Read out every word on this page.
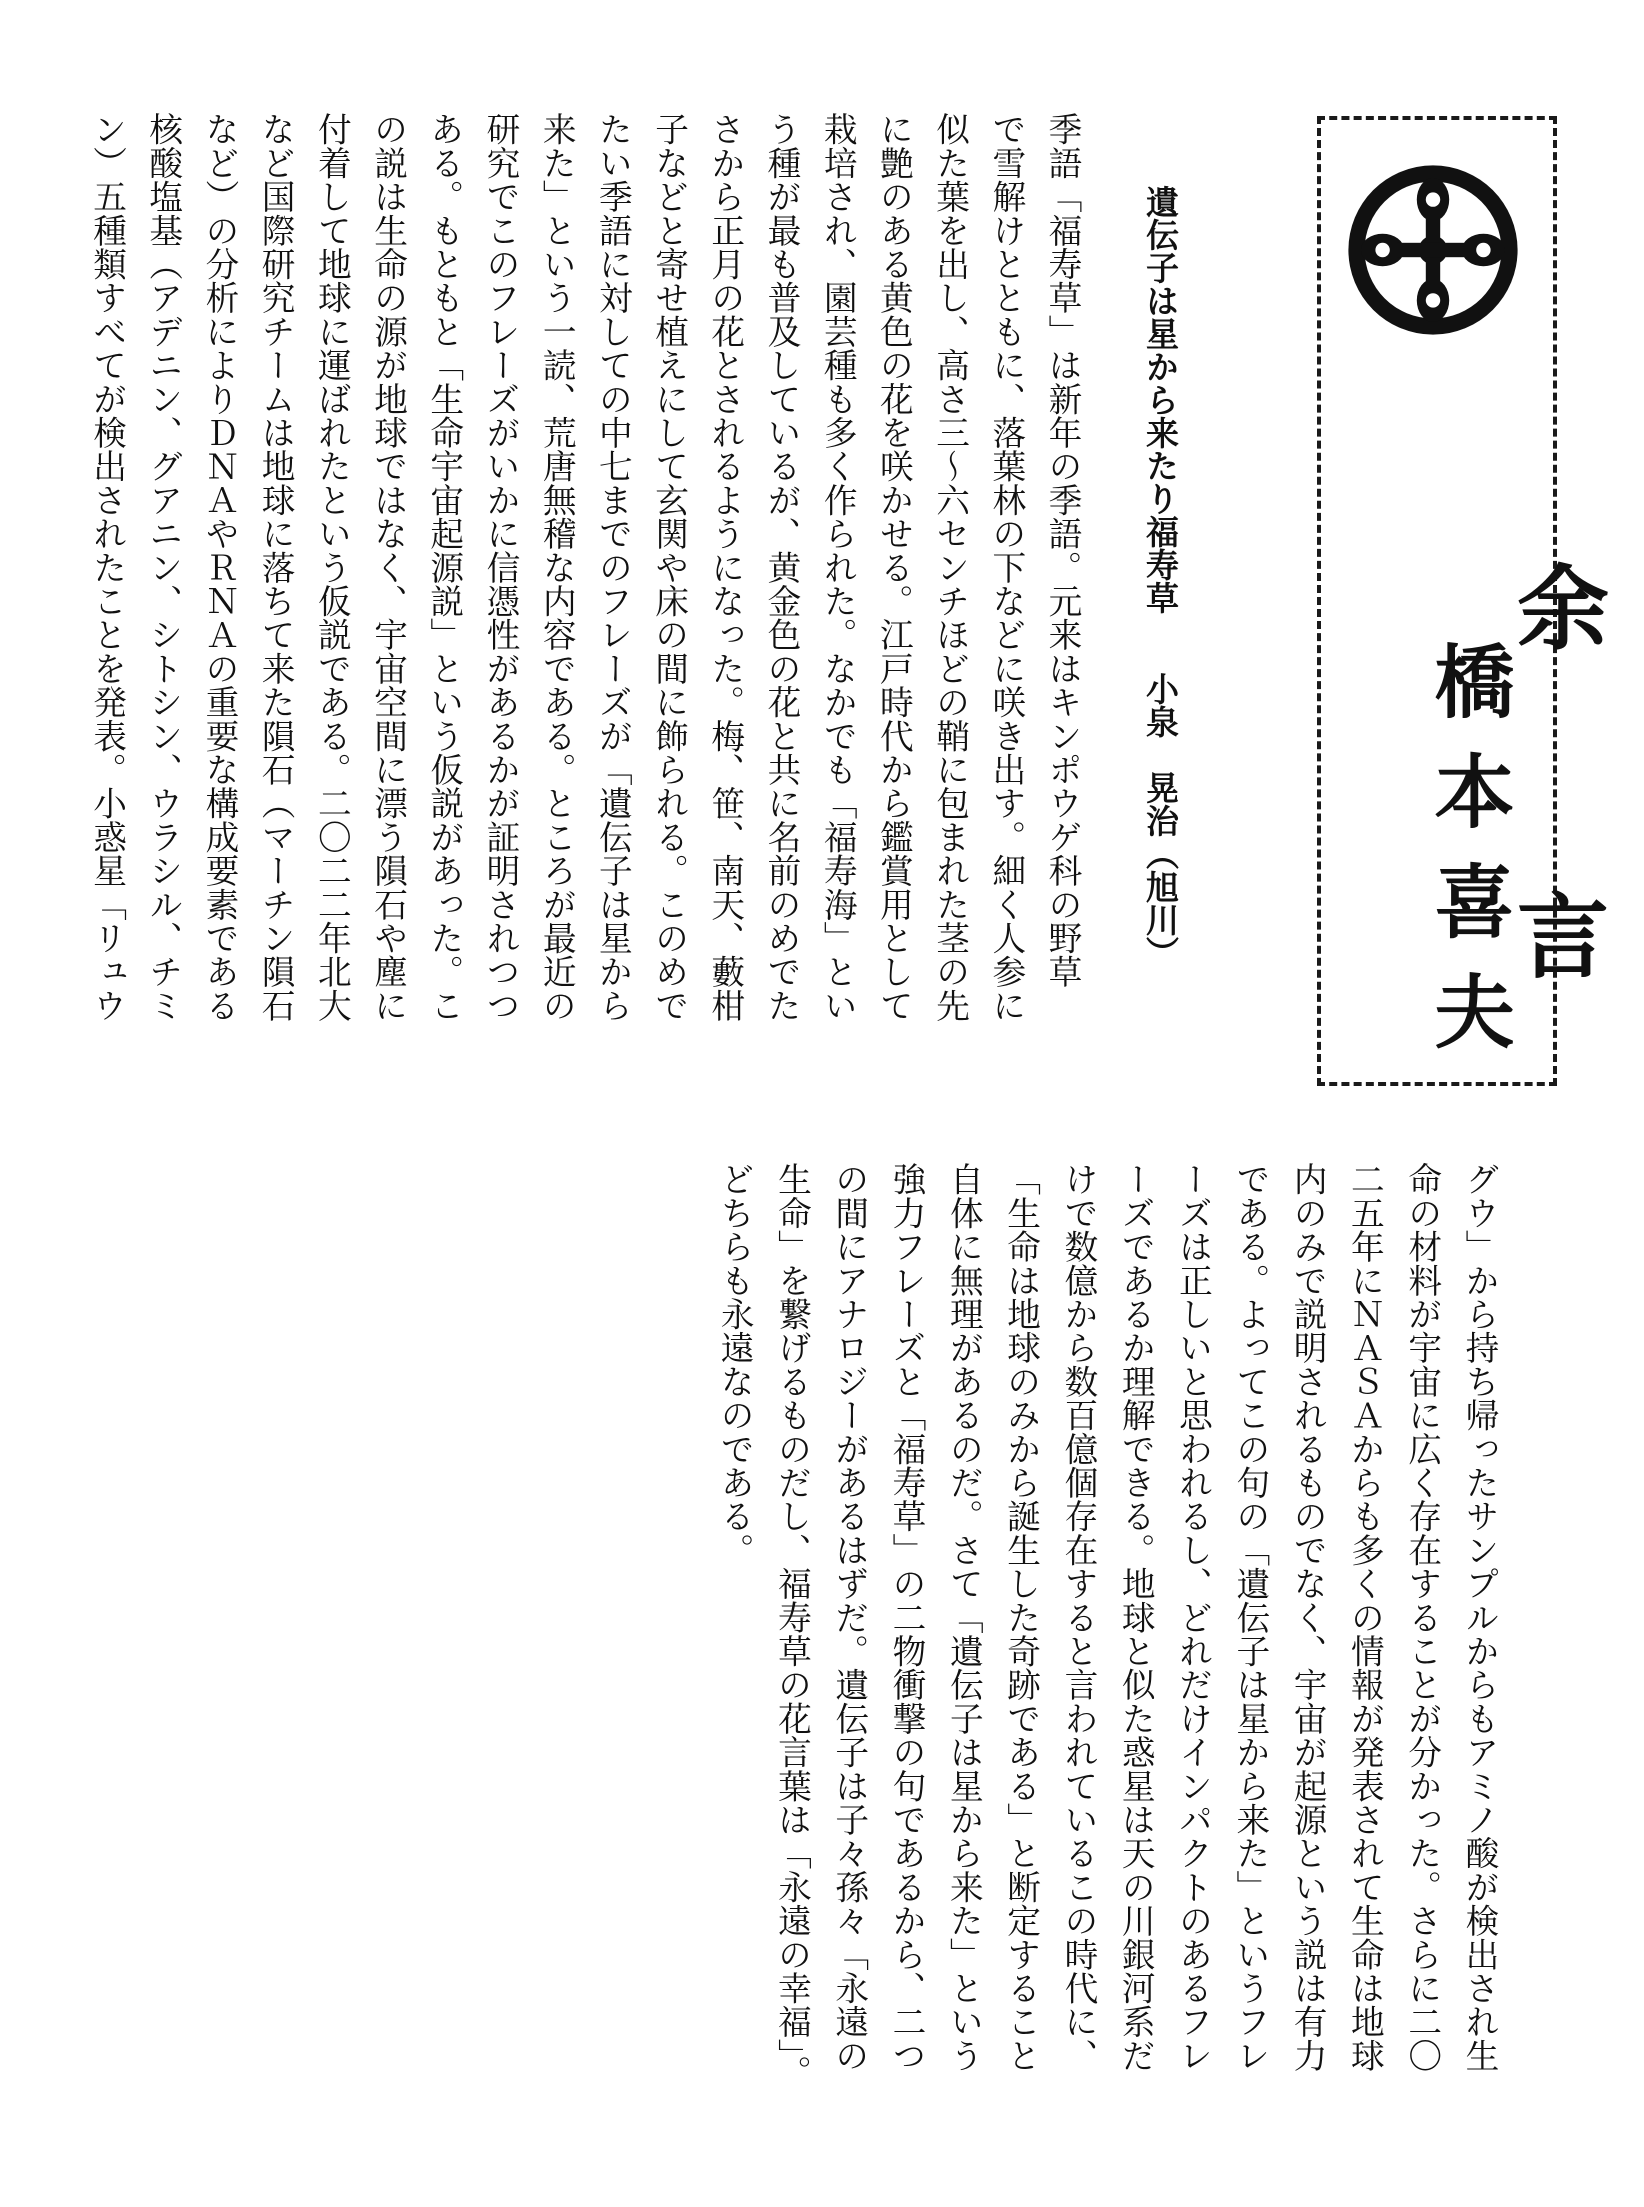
余　言
橋本喜夫
遺伝子は星から来たり福寿草小泉　晃治（旭川）
季語「福寿草」は新年の季語。元来はキンポウゲ科の野草
で雪解けとともに、落葉林の下などに咲き出す。細く人参に
似た葉を出し、高さ三〜六センチほどの鞘に包まれた茎の先
に艶のある黄色の花を咲かせる。江戸時代から鑑賞用として
栽培され、園芸種も多く作られた。なかでも「福寿海」とい
う種が最も普及しているが、黄金色の花と共に名前のめでた
さから正月の花とされるようになった。梅、笹、南天、藪柑
子などと寄せ植えにして玄関や床の間に飾られる。このめで
たい季語に対しての中七までのフレーズが「遺伝子は星から
来た」という一読、荒唐無稽な内容である。ところが最近の
研究でこのフレーズがいかに信憑性があるかが証明されつつ
ある。もともと「生命宇宙起源説」という仮説があった。こ
の説は生命の源が地球ではなく、宇宙空間に漂う隕石や塵に
付着して地球に運ばれたという仮説である。二〇二二年北大
など国際研究チームは地球に落ちて来た隕石（マーチン隕石
など）の分析によりＤＮＡやＲＮＡの重要な構成要素である
核酸塩基（アデニン、グアニン、シトシン、ウラシル、チミ
ン）五種類すべてが検出されたことを発表。小惑星「リュウ
グウ」から持ち帰ったサンプルからもアミノ酸が検出され生
命の材料が宇宙に広く存在することが分かった。さらに二〇
二五年にＮＡＳＡからも多くの情報が発表されて生命は地球
内のみで説明されるものでなく、宇宙が起源という説は有力
である。よってこの句の「遺伝子は星から来た」というフレ
ーズは正しいと思われるし、どれだけインパクトのあるフレ
ーズであるか理解できる。地球と似た惑星は天の川銀河系だ
けで数億から数百億個存在すると言われているこの時代に、
「生命は地球のみから誕生した奇跡である」と断定すること
自体に無理があるのだ。さて「遺伝子は星から来た」という
強力フレーズと「福寿草」の二物衝撃の句であるから、二つ
の間にアナロジーがあるはずだ。遺伝子は子々孫々「永遠の
生命」を繋げるものだし、福寿草の花言葉は「永遠の幸福」。
どちらも永遠なのである。
